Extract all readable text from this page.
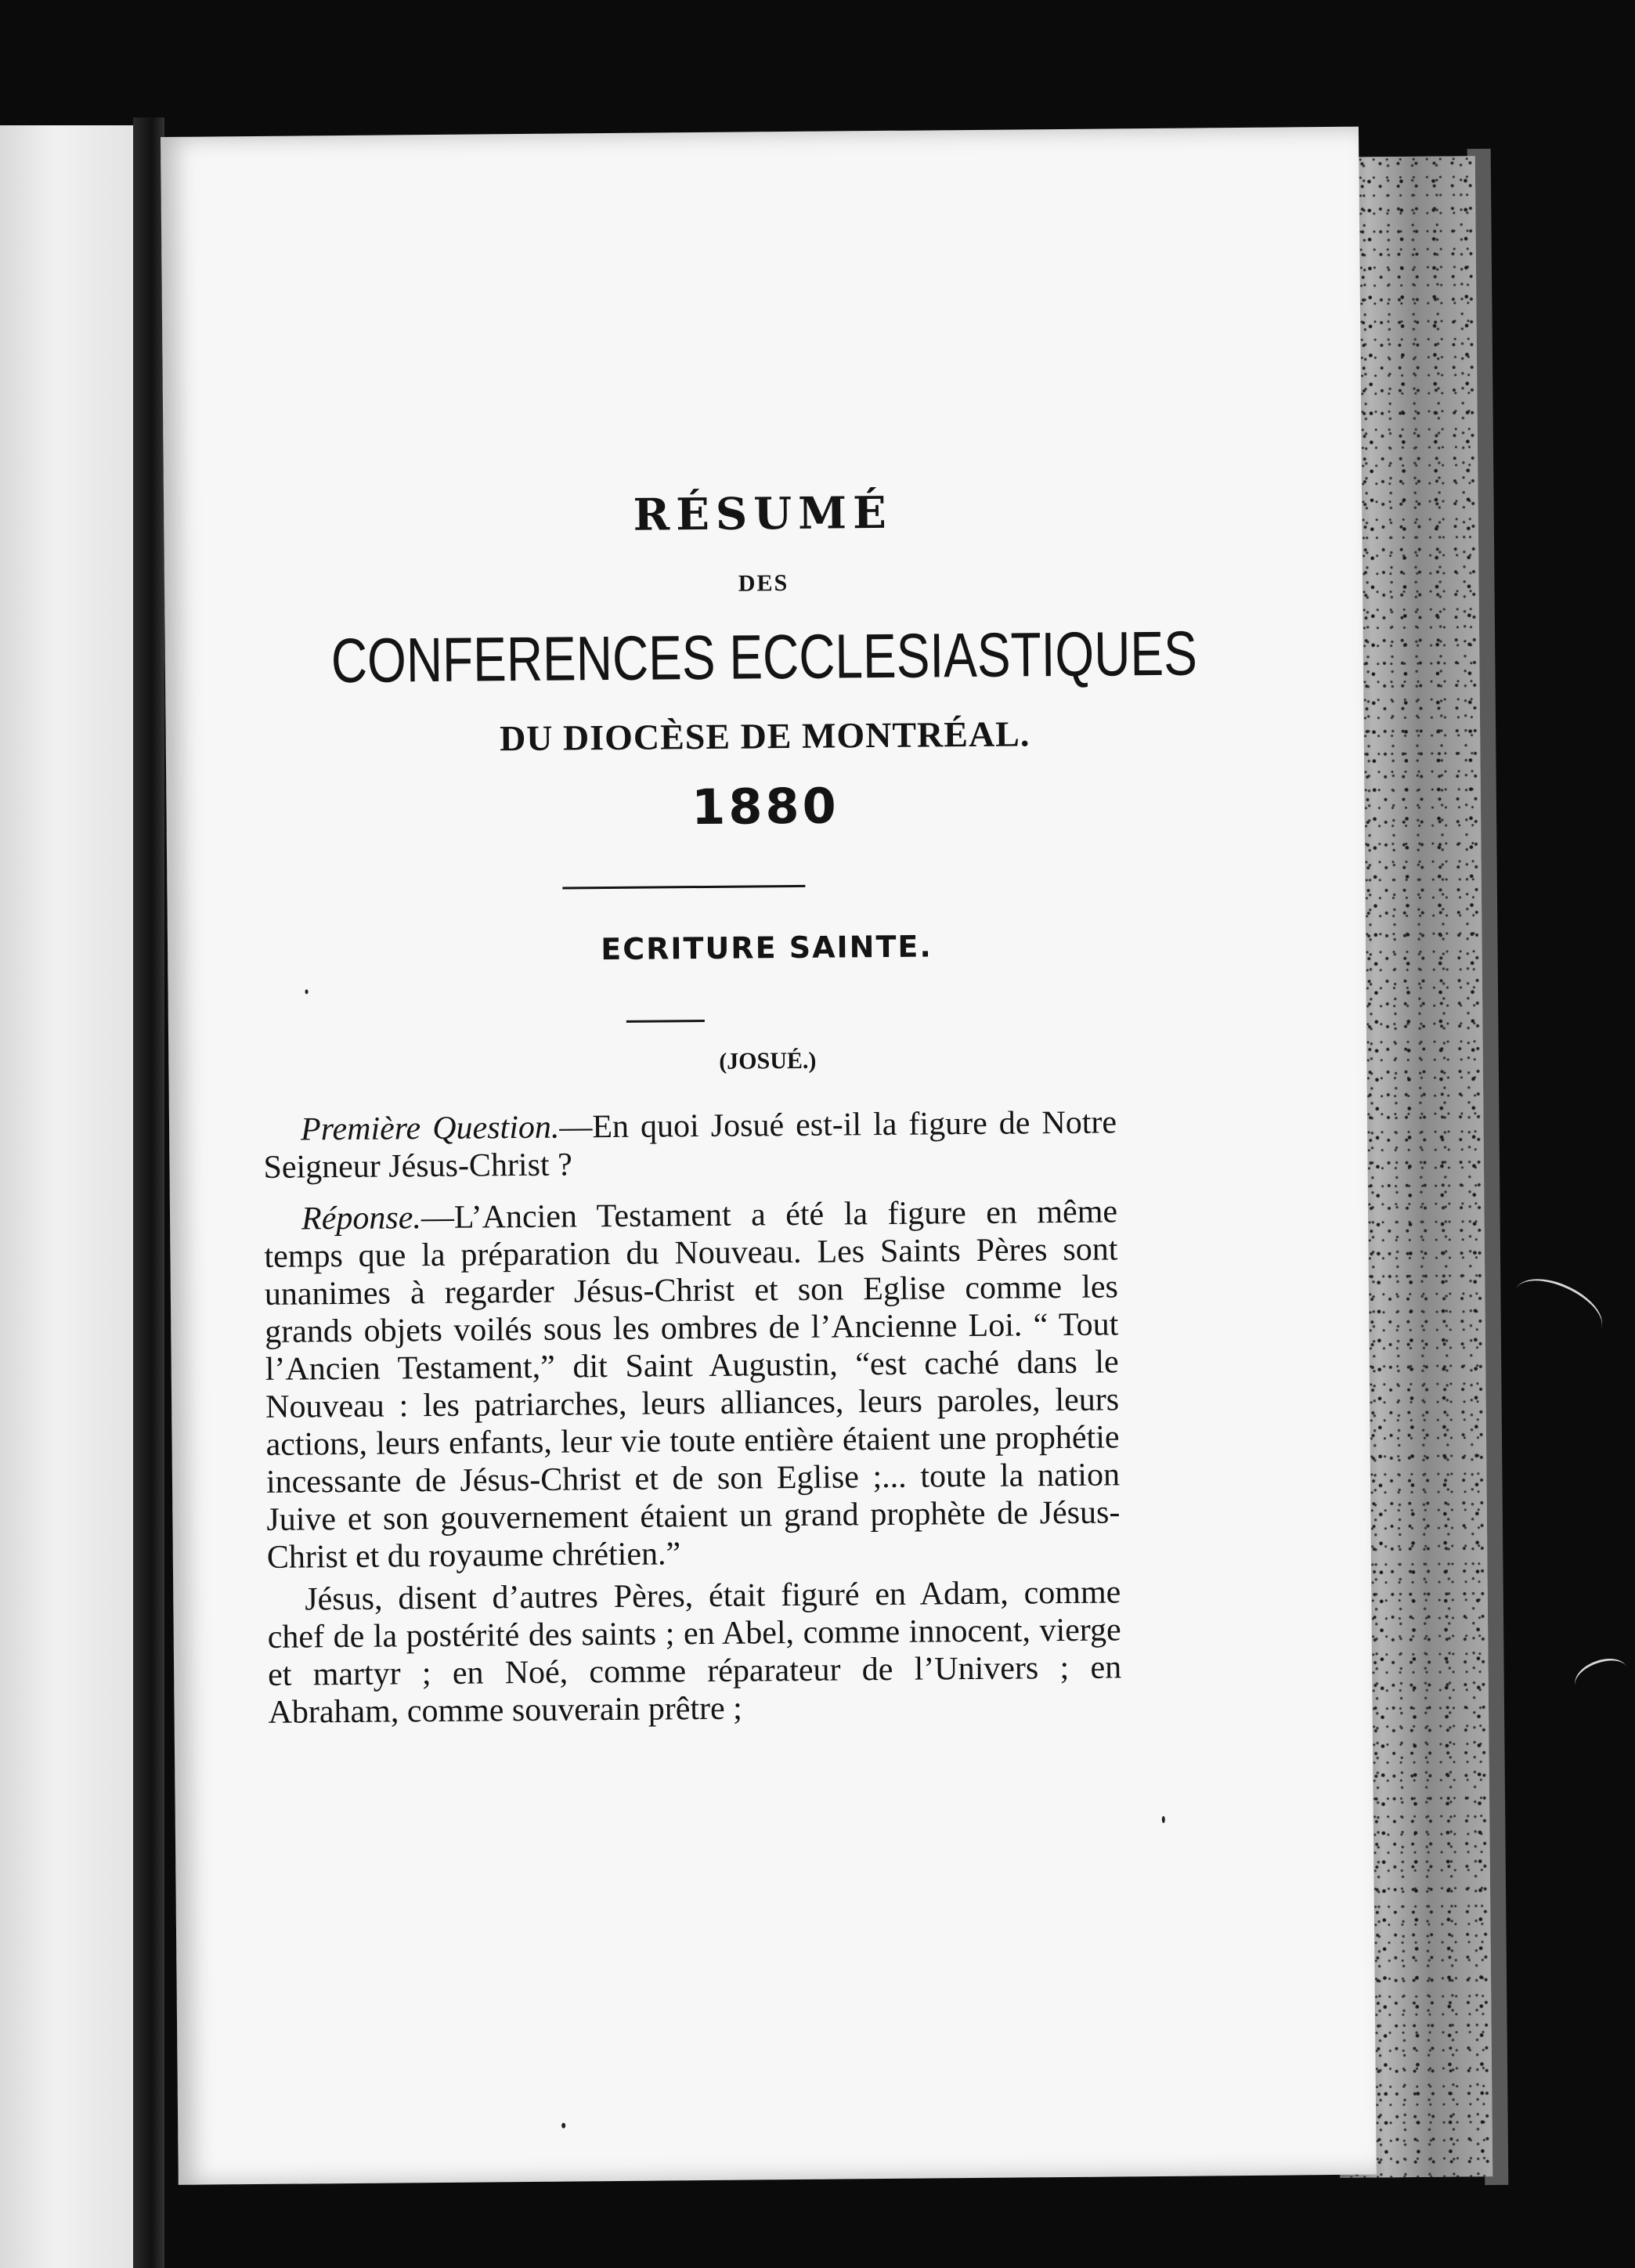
RÉSUMÉ
DES
CONFERENCES ECCLESIASTIQUES
DU DIOCÈSE DE MONTRÉAL.
1880
ECRITURE SAINTE.
(JOSUÉ.)

Première Question.—En quoi Josué est-il la figure de Notre Seigneur Jésus-Christ ?

Réponse.—L’Ancien Testament a été la figure en même temps que la préparation du Nouveau. Les Saints Pères sont unanimes à regarder Jésus-Christ et son Eglise comme les grands objets voilés sous les ombres de l’Ancienne Loi. “ Tout l’Ancien Testament,” dit Saint Augustin, “est caché dans le Nouveau : les patriarches, leurs alliances, leurs paroles, leurs actions, leurs enfants, leur vie toute entière étaient une prophétie incessante de Jésus-Christ et de son Eglise ;... toute la nation Juive et son gouvernement étaient un grand prophète de Jésus-Christ et du royaume chrétien.”

Jésus, disent d’autres Pères, était figuré en Adam, comme chef de la postérité des saints ; en Abel, comme innocent, vierge et martyr ; en Noé, comme réparateur de l’Univers ; en Abraham, comme souverain prêtre ;
